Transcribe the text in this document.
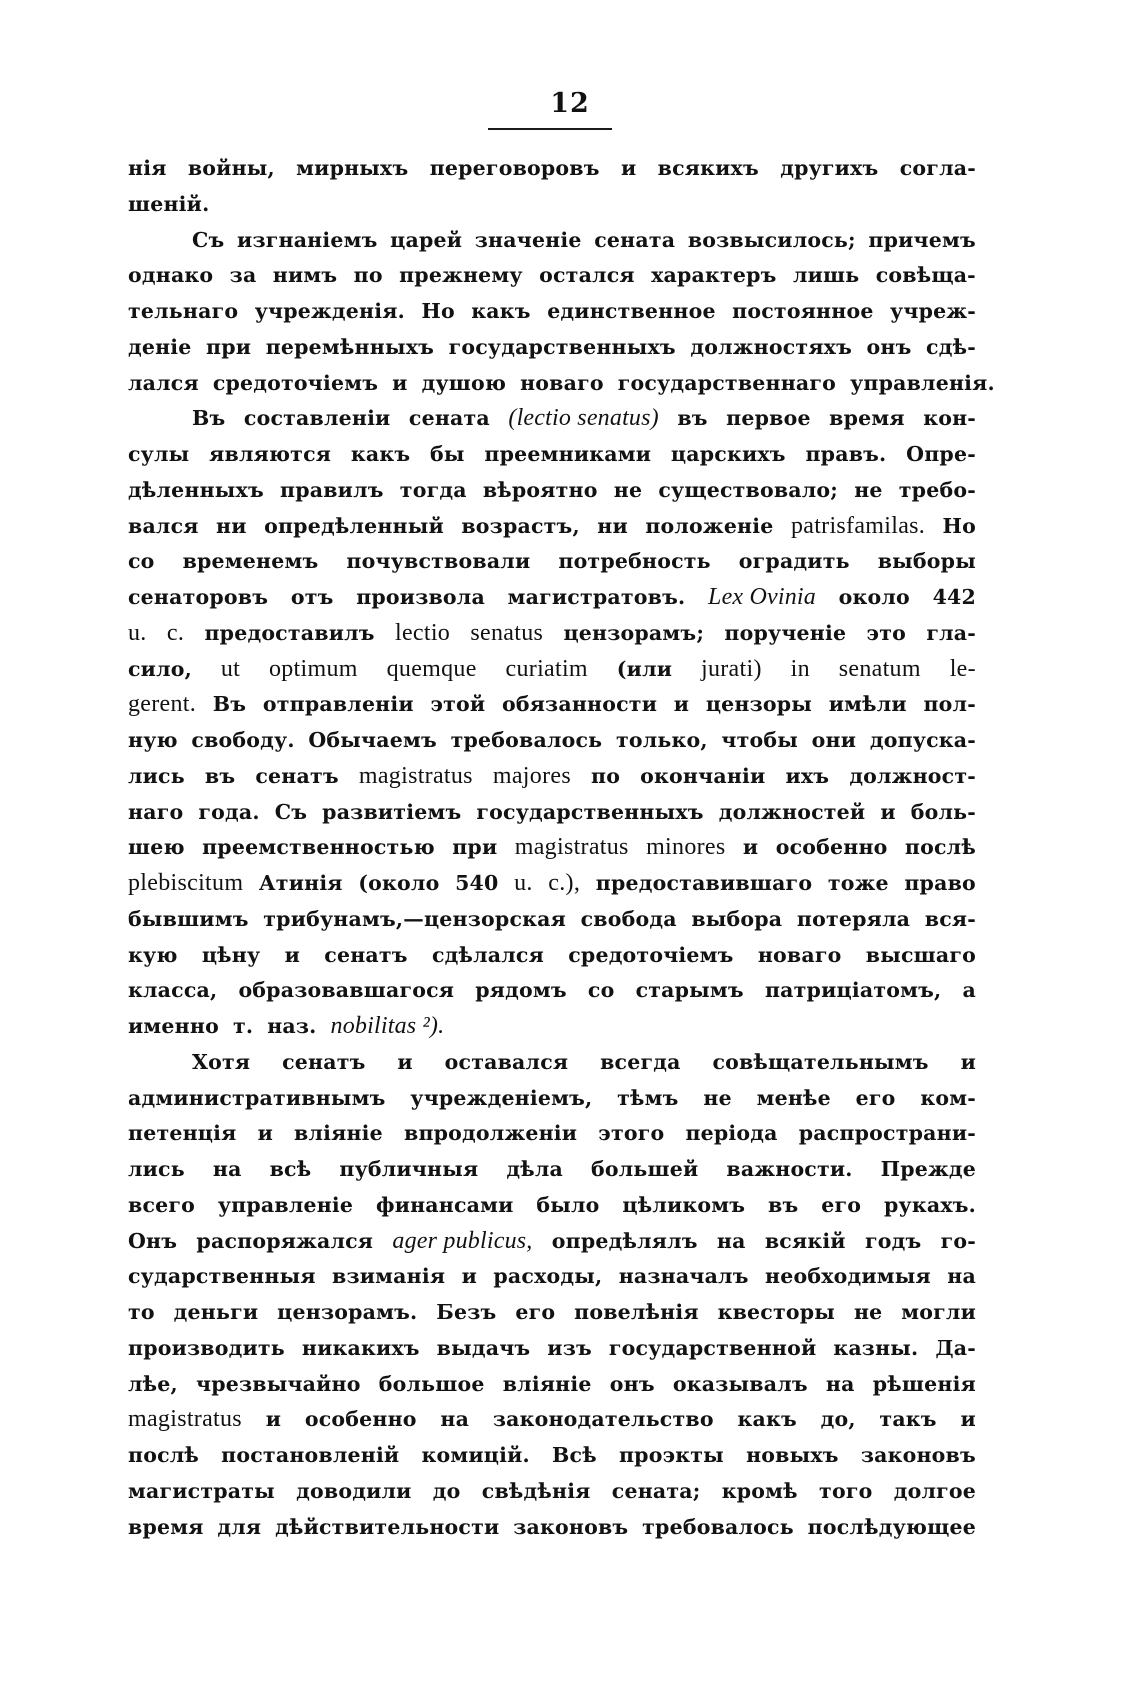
12
нія войны, мирныхъ переговоровъ и всякихъ другихъ согла-
шеній.
Съ изгнаніемъ царей значеніе сената возвысилось; причемъ
однако за нимъ по прежнему остался характеръ лишь совѣща-
тельнаго учрежденія. Но какъ единственное постоянное учреж-
деніе при перемѣнныхъ государственныхъ должностяхъ онъ сдѣ-
лался средоточіемъ и душою новаго государственнаго управленія.
Въ составленіи сената (lectio senatus) въ первое время кон-
сулы являются какъ бы преемниками царскихъ правъ. Опре-
дѣленныхъ правилъ тогда вѣроятно не существовало; не требо-
вался ни опредѣленный возрастъ, ни положеніе patrisfamilas. Но
со временемъ почувствовали потребность оградить выборы
сенаторовъ отъ произвола магистратовъ. Lex Ovinia около 442
u. c. предоставилъ lectio senatus цензорамъ; порученіе это гла-
сило, ut optimum quemque curiatim (или jurati) in senatum le-
gerent. Въ отправленіи этой обязанности и цензоры имѣли пол-
ную свободу. Обычаемъ требовалось только, чтобы они допуска-
лись въ сенатъ magistratus majores по окончаніи ихъ должност-
наго года. Съ развитіемъ государственныхъ должностей и боль-
шею преемственностью при magistratus minores и особенно послѣ
plebiscitum Атинія (около 540 u. c.), предоставившаго тоже право
бывшимъ трибунамъ,—цензорская свобода выбора потеряла вся-
кую цѣну и сенатъ сдѣлался средоточіемъ новаго высшаго
класса, образовавшагося рядомъ со старымъ патриціатомъ, а
именно т. наз. nobilitas ²).
Хотя сенатъ и оставался всегда совѣщательнымъ и
административнымъ учрежденіемъ, тѣмъ не менѣе его ком-
петенція и вліяніе впродолженіи этого періода распространи-
лись на всѣ публичныя дѣла большей важности. Прежде
всего управленіе финансами было цѣликомъ въ его рукахъ.
Онъ распоряжался ager publicus, опредѣлялъ на всякій годъ го-
сударственныя взиманія и расходы, назначалъ необходимыя на
то деньги цензорамъ. Безъ его повелѣнія квесторы не могли
производить никакихъ выдачъ изъ государственной казны. Да-
лѣе, чрезвычайно большое вліяніе онъ оказывалъ на рѣшенія
magistratus и особенно на законодательство какъ до, такъ и
послѣ постановленій комицій. Всѣ проэкты новыхъ законовъ
магистраты доводили до свѣдѣнія сената; кромѣ того долгое
время для дѣйствительности законовъ требовалось послѣдующее
